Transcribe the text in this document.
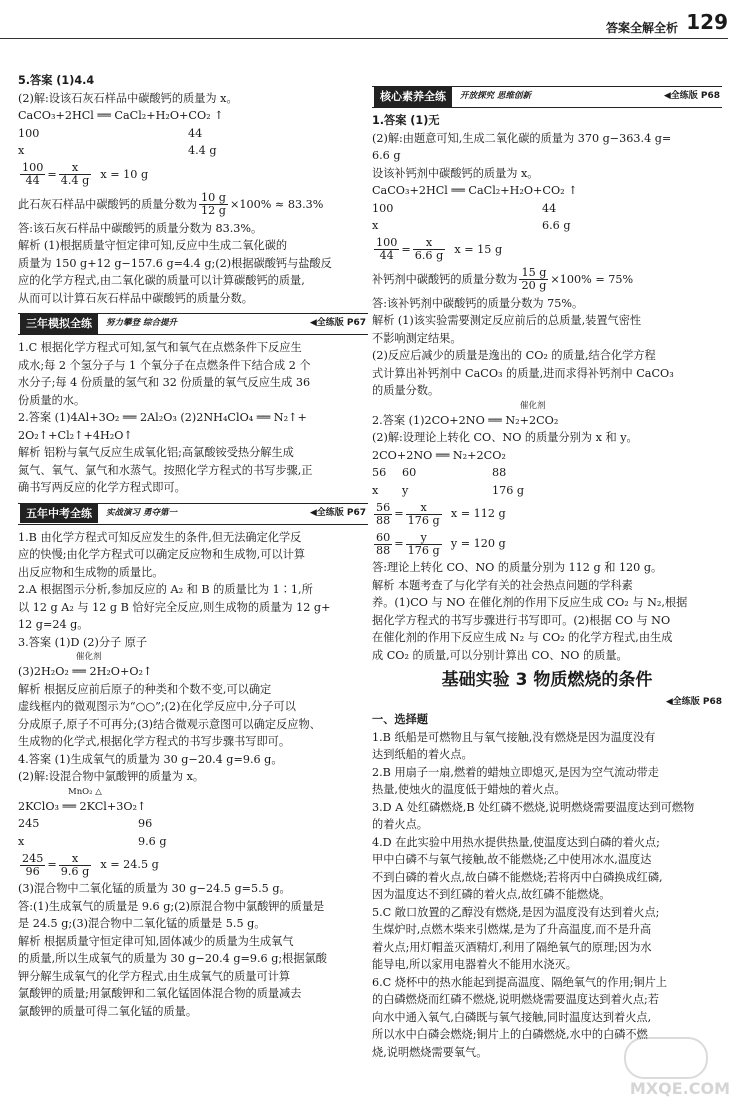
答案全解全析 129
5.答案 (1)4.4
(2)解:设该石灰石样品中碳酸钙的质量为 x。
CaCO₃+2HCl ══ CaCl₂+H₂O+CO₂ ↑
100	44
x	4.4 g
$\frac{100}{44} = \frac{x}{4.4 g}$
x = 10 g
此石灰石样品中碳酸钙的质量分数为 $\frac{10 g}{12 g} \times 100\% \approx 83.3\%$
答:该石灰石样品中碳酸钙的质量分数为 83.3%。
解析 (1)根据质量守恒定律可知,反应中生成二氧化碳的
质量为 150 g+12 g−157.6 g=4.4 g;(2)根据碳酸钙与盐酸反
应的化学方程式,由二氧化碳的质量可以计算碳酸钙的质量,
从而可以计算石灰石样品中碳酸钙的质量分数。
三年模拟全练	努力攀登 综合提升	◀全练版 P67
1.C 根据化学方程式可知,氢气和氧气在点燃条件下反应生
成水;每 2 个氢分子与 1 个氧分子在点燃条件下结合成 2 个
水分子;每 4 份质量的氢气和 32 份质量的氧气反应生成 36
份质量的水。
2.答案 (1)4Al+3O₂ ══ 2Al₂O₃ (2)2NH₄ClO₄ ══ N₂↑+
2O₂↑+Cl₂↑+4H₂O↑
解析 铝粉与氧气反应生成氧化铝;高氯酸铵受热分解生成
氮气、氧气、氯气和水蒸气。按照化学方程式的书写步骤,正
确书写两反应的化学方程式即可。
五年中考全练	实战演习 勇夺第一	◀全练版 P67
1.B 由化学方程式可知反应发生的条件,但无法确定化学反
应的快慢;由化学方程式可以确定反应物和生成物,可以计算
出反应物和生成物的质量比。
2.A 根据图示分析,参加反应的 A₂ 和 B 的质量比为 1∶1,所
以 12 g A₂ 与 12 g B 恰好完全反应,则生成物的质量为 12 g+
12 g=24 g。
3.答案 (1)D (2)分子 原子
催化剂
(3)2H₂O₂ ══ 2H₂O+O₂↑
解析 根据反应前后原子的种类和个数不变,可以确定
虚线框内的微观图示为“○○”;(2)在化学反应中,分子可以
分成原子,原子不可再分;(3)结合微观示意图可以确定反应物、
生成物的化学式,根据化学方程式的书写步骤书写即可。
4.答案 (1)生成氧气的质量为 30 g−20.4 g=9.6 g。
(2)解:设混合物中氯酸钾的质量为 x。
MnO₂ △
2KClO₃ ══ 2KCl+3O₂↑
245	96
x	9.6 g
$\frac{245}{96} = \frac{x}{9.6 g}$
x = 24.5 g
(3)混合物中二氧化锰的质量为 30 g−24.5 g=5.5 g。
答:(1)生成氧气的质量是 9.6 g;(2)原混合物中氯酸钾的质量是
是 24.5 g;(3)混合物中二氧化锰的质量是 5.5 g。
解析 根据质量守恒定律可知,固体减少的质量为生成氧气
的质量,所以生成氧气的质量为 30 g−20.4 g=9.6 g;根据氯酸
钾分解生成氧气的化学方程式,由生成氧气的质量可计算
氯酸钾的质量;用氯酸钾和二氧化锰固体混合物的质量减去
氯酸钾的质量可得二氧化锰的质量。
核心素养全练	开放探究 思维创新	◀全练版 P68
1.答案 (1)无
(2)解:由题意可知,生成二氧化碳的质量为 370 g−363.4 g=
6.6 g
设该补钙剂中碳酸钙的质量为 x。
CaCO₃+2HCl ══ CaCl₂+H₂O+CO₂ ↑
100	44
x	6.6 g
$\frac{100}{44} = \frac{x}{6.6 g}$
x = 15 g
补钙剂中碳酸钙的质量分数为 $\frac{15 g}{20 g} \times 100\% = 75\%$
答:该补钙剂中碳酸钙的质量分数为 75%。
解析 (1)该实验需要测定反应前后的总质量,装置气密性
不影响测定结果。
(2)反应后减少的质量是逸出的 CO₂ 的质量,结合化学方程
式计算出补钙剂中 CaCO₃ 的质量,进而求得补钙剂中 CaCO₃
的质量分数。
催化剂
2.答案 (1)2CO+2NO ══ N₂+2CO₂
(2)解:设理论上转化 CO、NO 的质量分别为 x 和 y。
2CO+2NO ══ N₂+2CO₂
56 60	88
x y	176 g
$\frac{56}{88} = \frac{x}{176 g}$
x = 112 g
$\frac{60}{88} = \frac{y}{176 g}$
y = 120 g
答:理论上转化 CO、NO 的质量分别为 112 g 和 120 g。
解析 本题考查了与化学有关的社会热点问题的学科素
养。(1)CO 与 NO 在催化剂的作用下反应生成 CO₂ 与 N₂,根据
据化学方程式的书写步骤进行书写即可。(2)根据 CO 与 NO
在催化剂的作用下反应生成 N₂ 与 CO₂ 的化学方程式,由生成
成 CO₂ 的质量,可以分别计算出 CO、NO 的质量。
基础实验 3 物质燃烧的条件
◀全练版 P68
一、选择题
1.B 纸船是可燃物且与氧气接触,没有燃烧是因为温度没有
达到纸船的着火点。
2.B 用扇子一扇,燃着的蜡烛立即熄灭,是因为空气流动带走
热量,使烛火的温度低于蜡烛的着火点。
3.D A 处红磷燃烧,B 处红磷不燃烧,说明燃烧需要温度达到可燃物
的着火点。
4.D 在此实验中用热水提供热量,使温度达到白磷的着火点;
甲中白磷不与氧气接触,故不能燃烧;乙中使用冰水,温度达
不到白磷的着火点,故白磷不能燃烧;若将丙中白磷换成红磷,
因为温度达不到红磷的着火点,故红磷不能燃烧。
5.C 敞口放置的乙醇没有燃烧,是因为温度没有达到着火点;
生煤炉时,点燃木柴来引燃煤,是为了升高温度,而不是升高
着火点;用灯帽盖灭酒精灯,利用了隔绝氧气的原理;因为水
能导电,所以家用电器着火不能用水浇灭。
6.C 烧杯中的热水能起到提高温度、隔绝氧气的作用;铜片上
的白磷燃烧而红磷不燃烧,说明燃烧需要温度达到着火点;若
向水中通入氧气,白磷既与氧气接触,同时温度达到着火点,
所以水中白磷会燃烧;铜片上的白磷燃烧,水中的白磷不燃
烧,说明燃烧需要氧气。
MXQE.COM
